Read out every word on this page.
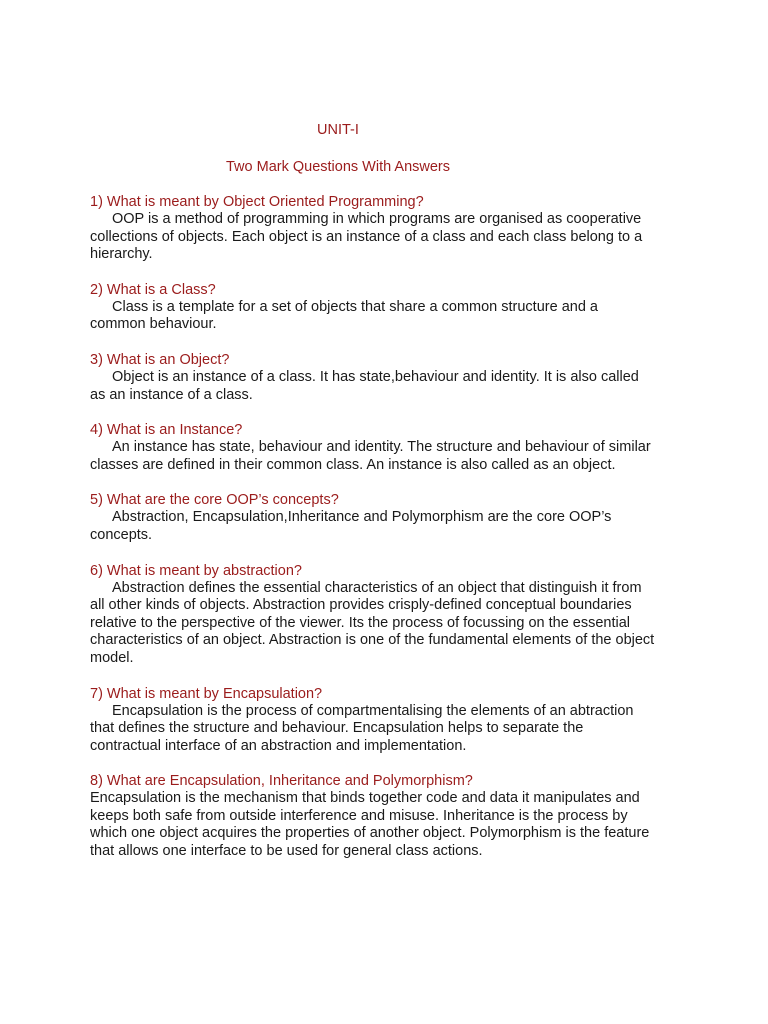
UNIT-I
Two Mark Questions With Answers
1) What is meant by Object Oriented Programming?
OOP is a method of programming in which programs are organised as cooperative
collections of objects. Each object is an instance of a class and each class belong to a
hierarchy.
2) What is a Class?
Class is a template for a set of objects that share a common structure and a
common behaviour.
3) What is an Object?
Object is an instance of a class. It has state,behaviour and identity. It is also called
as an instance of a class.
4) What is an Instance?
An instance has state, behaviour and identity. The structure and behaviour of similar
classes are defined in their common class. An instance is also called as an object.
5) What are the core OOP’s concepts?
Abstraction, Encapsulation,Inheritance and Polymorphism are the core OOP’s
concepts.
6) What is meant by abstraction?
Abstraction defines the essential characteristics of an object that distinguish it from
all other kinds of objects. Abstraction provides crisply-defined conceptual boundaries
relative to the perspective of the viewer. Its the process of focussing on the essential
characteristics of an object. Abstraction is one of the fundamental elements of the object
model.
7) What is meant by Encapsulation?
Encapsulation is the process of compartmentalising the elements of an abtraction
that defines the structure and behaviour. Encapsulation helps to separate the
contractual interface of an abstraction and implementation.
8) What are Encapsulation, Inheritance and Polymorphism?
Encapsulation is the mechanism that binds together code and data it manipulates and
keeps both safe from outside interference and misuse. Inheritance is the process by
which one object acquires the properties of another object. Polymorphism is the feature
that allows one interface to be used for general class actions.
